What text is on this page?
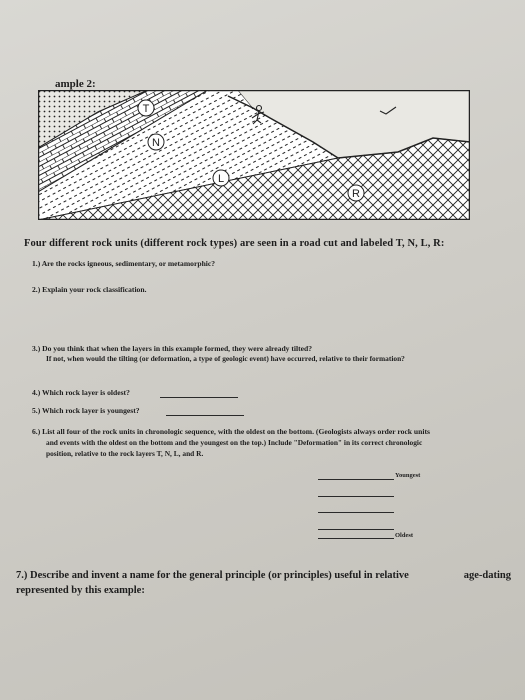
ample 2:
T
N
L
R
Four different rock units (different rock types) are seen in a road cut and labeled T, N, L, R:
1.) Are the rocks igneous, sedimentary, or metamorphic?
2.) Explain your rock classification.
3.) Do you think that when the layers in this example formed, they were already tilted?
If not, when would the tilting (or deformation, a type of geologic event) have occurred, relative to their formation?
4.) Which rock layer is oldest?
5.) Which rock layer is youngest?
6.) List all four of the rock units in chronologic sequence, with the oldest on the bottom. (Geologists always order rock units
and events with the oldest on the bottom and the youngest on the top.) Include "Deformation" in its correct chronologic
position, relative to the rock layers T, N, L, and R.
Youngest
Oldest
7.) Describe and invent a name for the general principle (or principles) useful in relative	age-dating
represented by this example:
